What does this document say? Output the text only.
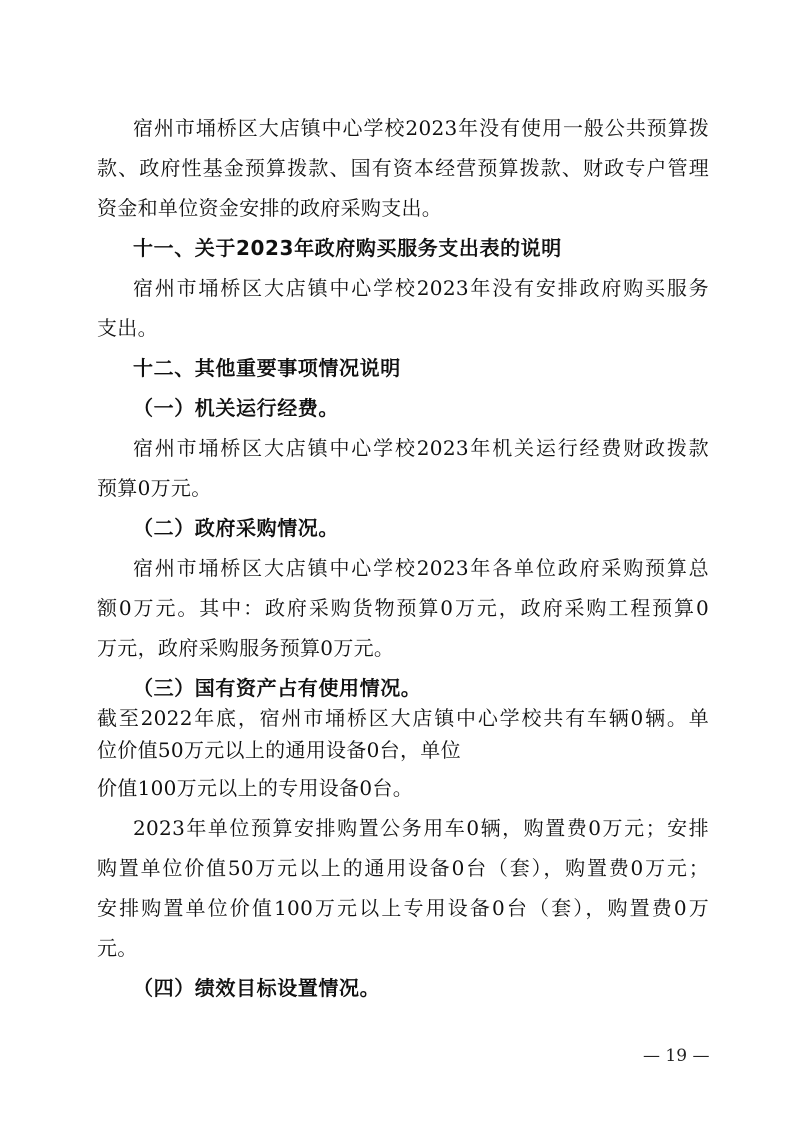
宿州市埇桥区大店镇中心学校2023年没有使用一般公共预算拨
款、政府性基金预算拨款、国有资本经营预算拨款、财政专户管理
资金和单位资金安排的政府采购支出。
十一、关于2023年政府购买服务支出表的说明
宿州市埇桥区大店镇中心学校2023年没有安排政府购买服务
支出。
十二、其他重要事项情况说明
（一）机关运行经费。
宿州市埇桥区大店镇中心学校2023年机关运行经费财政拨款
预算0万元。
（二）政府采购情况。
宿州市埇桥区大店镇中心学校2023年各单位政府采购预算总
额0万元。其中：政府采购货物预算0万元，政府采购工程预算0
万元，政府采购服务预算0万元。
（三）国有资产占有使用情况。
截至2022年底，宿州市埇桥区大店镇中心学校共有车辆0辆。单
位价值50万元以上的通用设备0台，单位
价值100万元以上的专用设备0台。
2023年单位预算安排购置公务用车0辆，购置费0万元；安排
购置单位价值50万元以上的通用设备0台（套），购置费0万元；
安排购置单位价值100万元以上专用设备0台（套），购置费0万
元。
（四）绩效目标设置情况。
— 19 —
